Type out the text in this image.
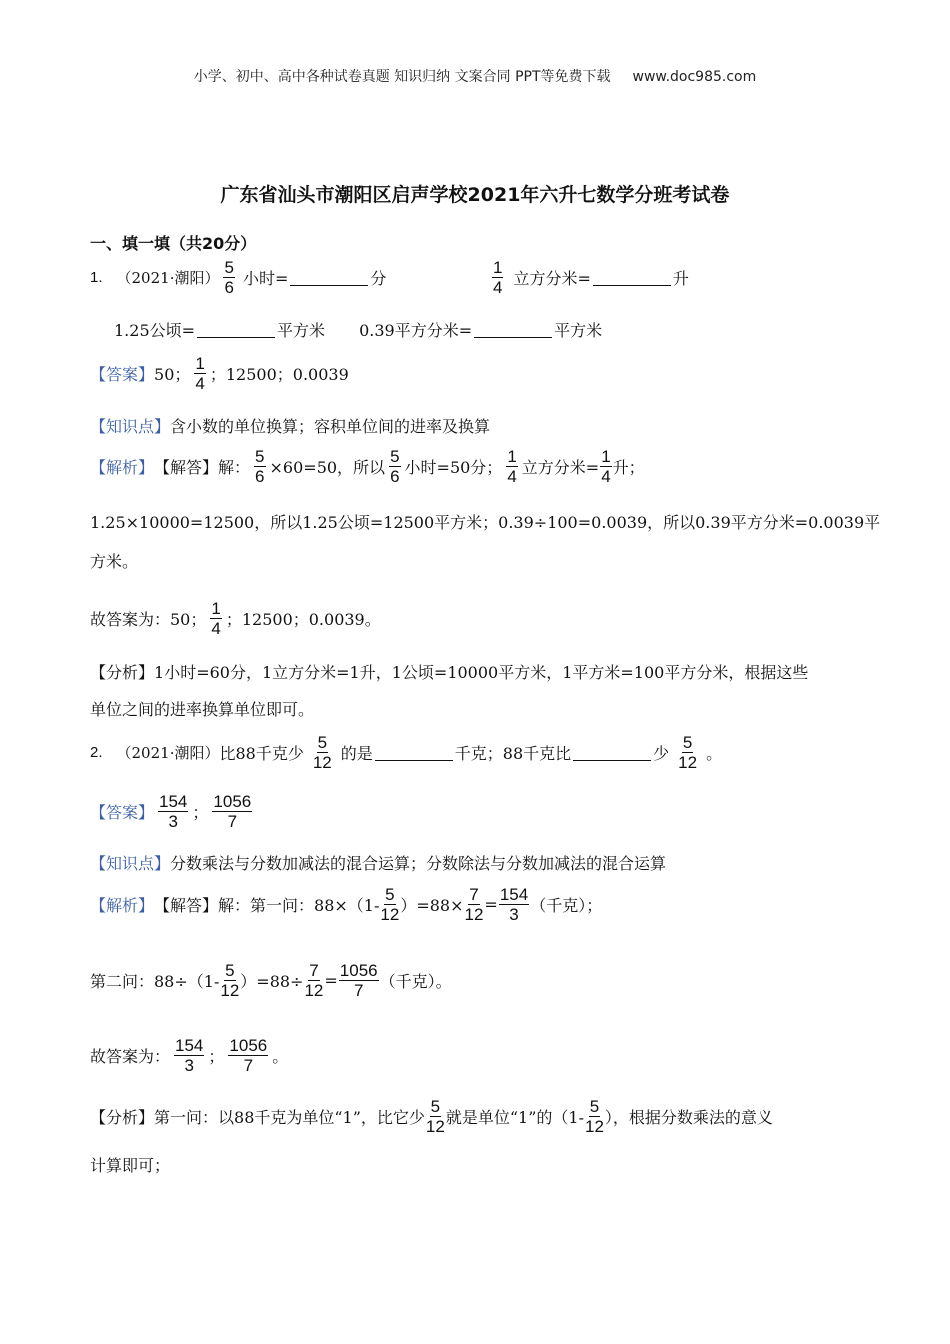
小学、初中、高中各种试卷真题 知识归纳 文案合同 PPT等免费下载 www.doc985.com
广东省汕头市潮阳区启声学校2021年六升七数学分班考试卷
一、填一填（共20分）
1. （2021·潮阳） $\frac{5}{6}$ 小时=	分	$\frac{1}{4}$ 立方分米=	升
1.25公顷=	平方米 0.39平方分米=	平方米
【答案】 50； $\frac{1}{4}$ ；12500；0.0039
【知识点】 含小数的单位换算；容积单位间的进率及换算
【解析】 【解答】 解： $\frac{5}{6} \times 60=50$，所以 $\frac{5}{6}$ 小时=50分； $\frac{1}{4}$ 立方分米= $\frac{1}{4}$ 升；
1.25×10000=12500，所以1.25公顷=12500平方米；0.39÷100=0.0039，所以0.39平方分米=0.0039平
方米。
故答案为：50； $\frac{1}{4}$ ；12500；0.0039。
【分析】1小时=60分，1立方分米=1升，1公顷=10000平方米，1平方米=100平方分米，根据这些
单位之间的进率换算单位即可。
2. （2021·潮阳） 比88千克少 $\frac{5}{12}$ 的是	千克；88千克比	少 $\frac{5}{12}$ 。
【答案】 $\frac{154}{3}$ ； $\frac{1056}{7}$
【知识点】 分数乘法与分数加减法的混合运算；分数除法与分数加减法的混合运算
【解析】 【解答】 解：第一问：$88\times(1- \frac{5}{12} )=88\times \frac{7}{12} = \frac{154}{3}$ （千克）；
第二问：$88\div(1- \frac{5}{12} )=88\div \frac{7}{12} = \frac{1056}{7}$ （千克）。
故答案为： $\frac{154}{3}$ ； $\frac{1056}{7}$ 。
【分析】 第一问：以88千克为单位“1”，比它少 $\frac{5}{12}$ 就是单位“1”的（$1- \frac{5}{12}$ ），根据分数乘法的意义
计算即可；
